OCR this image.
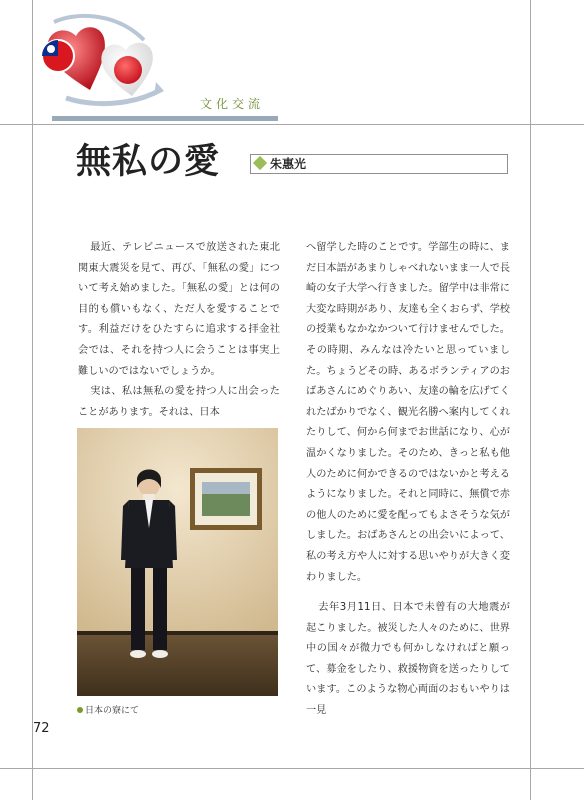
文化交流
無私の愛	朱惠光

最近、テレビニュースで放送された東北関東大震災を見て、再び、「無私の愛」について考え始めました。「無私の愛」とは何の目的も償いもなく、ただ人を愛することです。利益だけをひたすらに追求する拝金社会では、それを持つ人に会うことは事実上難しいのではないでしょうか。

実は、私は無私の愛を持つ人に出会ったことがあります。それは、日本

日本の寮にて

へ留学した時のことです。学部生の時に、まだ日本語があまりしゃべれないまま一人で長崎の女子大学へ行きました。留学中は非常に大変な時期があり、友達も全くおらず、学校の授業もなかなかついて行けませんでした。その時期、みんなは冷たいと思っていました。ちょうどその時、あるボランティアのおばあさんにめぐりあい、友達の輪を広げてくれたばかりでなく、観光名勝へ案内してくれたりして、何から何までお世話になり、心が温かくなりました。そのため、きっと私も他人のために何かできるのではないかと考えるようになりました。それと同時に、無償で赤の他人のために愛を配ってもよさそうな気がしました。おばあさんとの出会いによって、私の考え方や人に対する思いやりが大きく変わりました。

去年3月11日、日本で未曾有の大地震が起こりました。被災した人々のために、世界中の国々が微力でも何かしなければと願って、募金をしたり、救援物資を送ったりしています。このような物心両面のおもいやりは一見

72
